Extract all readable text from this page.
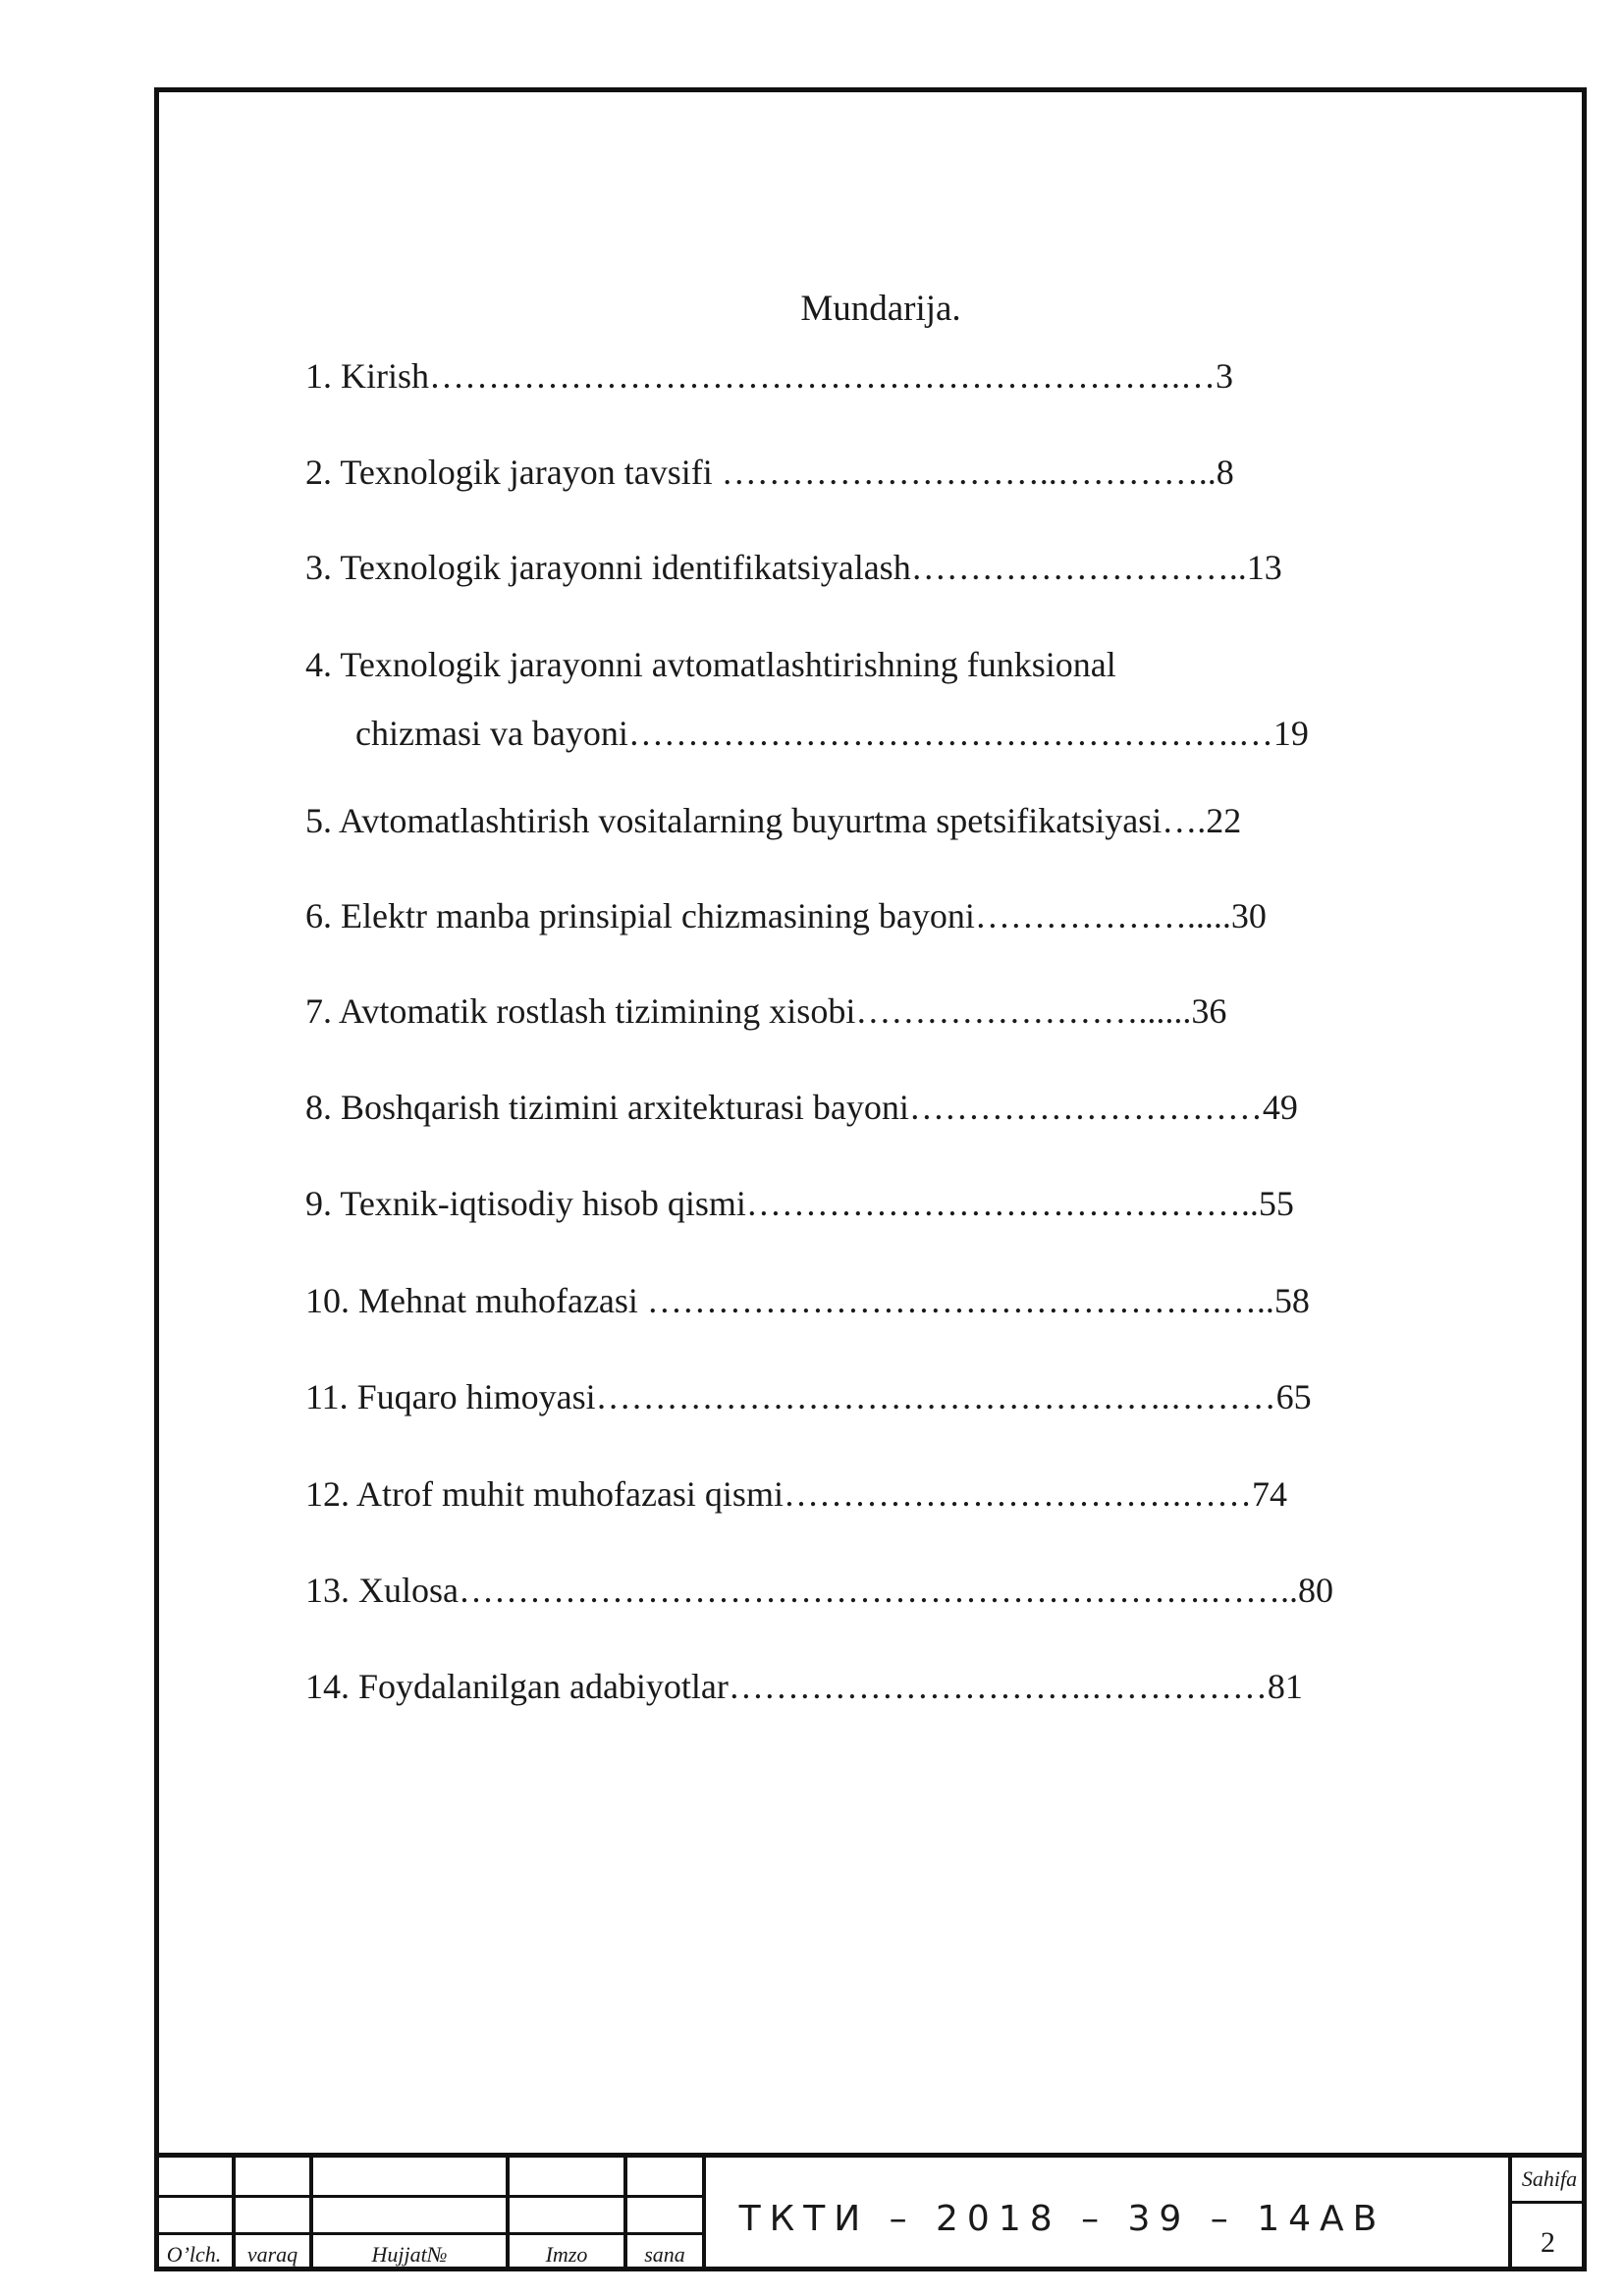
Mundarija.
1. Kirish……………………………………………………….…3
2. Texnologik jarayon tavsifi ………………………..…………..8
3. Texnologik jarayonni identifikatsiyalash………………………..13
4. Texnologik jarayonni avtomatlashtirishning funksional
chizmasi va bayoni…………………………………………….…19
5. Avtomatlashtirish vositalarning buyurtma spetsifikatsiyasi….22
6. Elektr manba prinsipial chizmasining bayoni……………….....30
7. Avtomatik rostlash tizimining xisobi……………………......36
8. Boshqarish tizimini arxitekturasi bayoni…………………………49
9. Texnik-iqtisodiy hisob qismi……………………………………..55
10. Mehnat muhofazasi ………………………………………….…..58
11. Fuqaro himoyasi………………………………………….………65
12. Atrof muhit muhofazasi qismi…………………………….……74
13. Xulosa……………………………………………………….……..80
14. Foydalanilgan adabiyotlar………………………….……………81
O’lch.	varaq	Hujjat№	Imzo	sana
ТКТИ – 2018 – 39 – 14АВ
Sahifa
2
